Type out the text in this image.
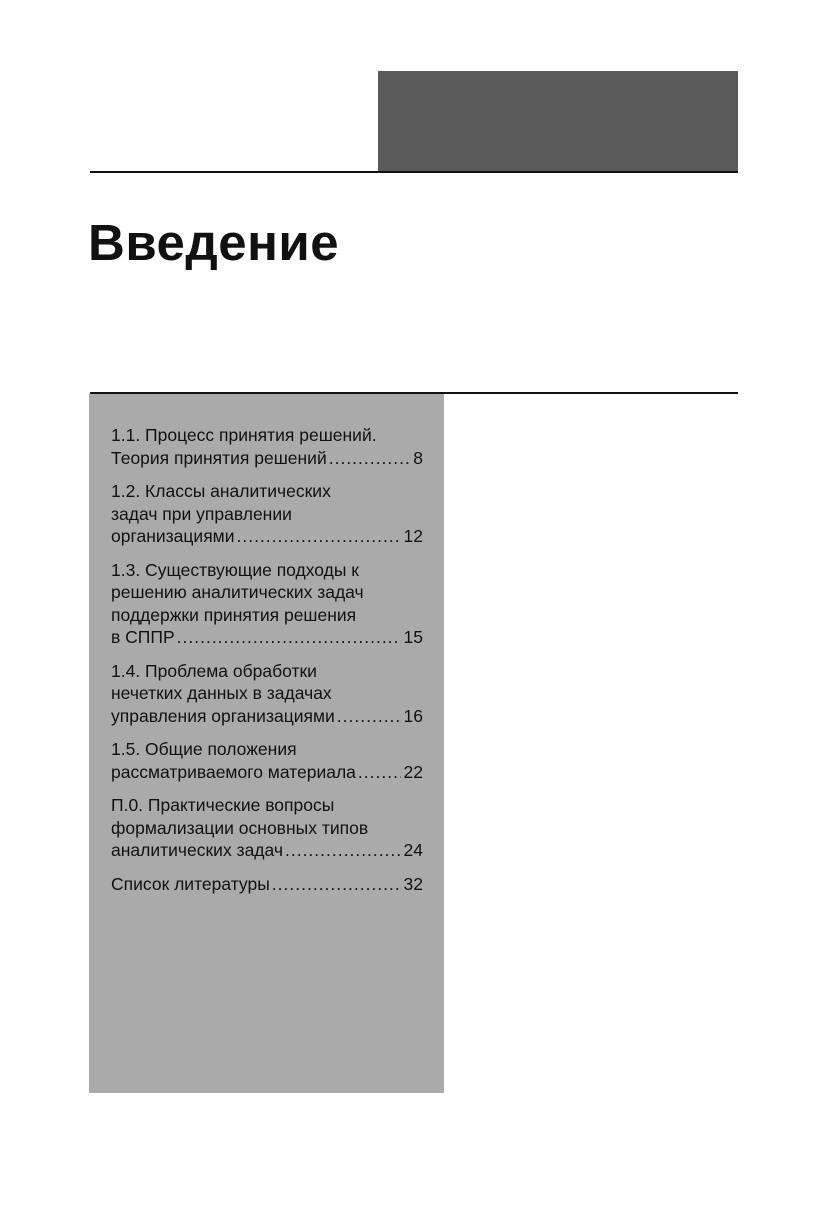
Введение
1.1. Процесс принятия решений.
Теория принятия решений .....	8
1.2. Классы аналитических
задач при управлении
организациями .....	12
1.3. Существующие подходы к
решению аналитических задач
поддержки принятия решения
в СППР .....	15
1.4. Проблема обработки
нечетких данных в задачах
управления организациями .....	16
1.5. Общие положения
рассматриваемого материала .....	22
П.0. Практические вопросы
формализации основных типов
аналитических задач .....	24
Список литературы .....	32
